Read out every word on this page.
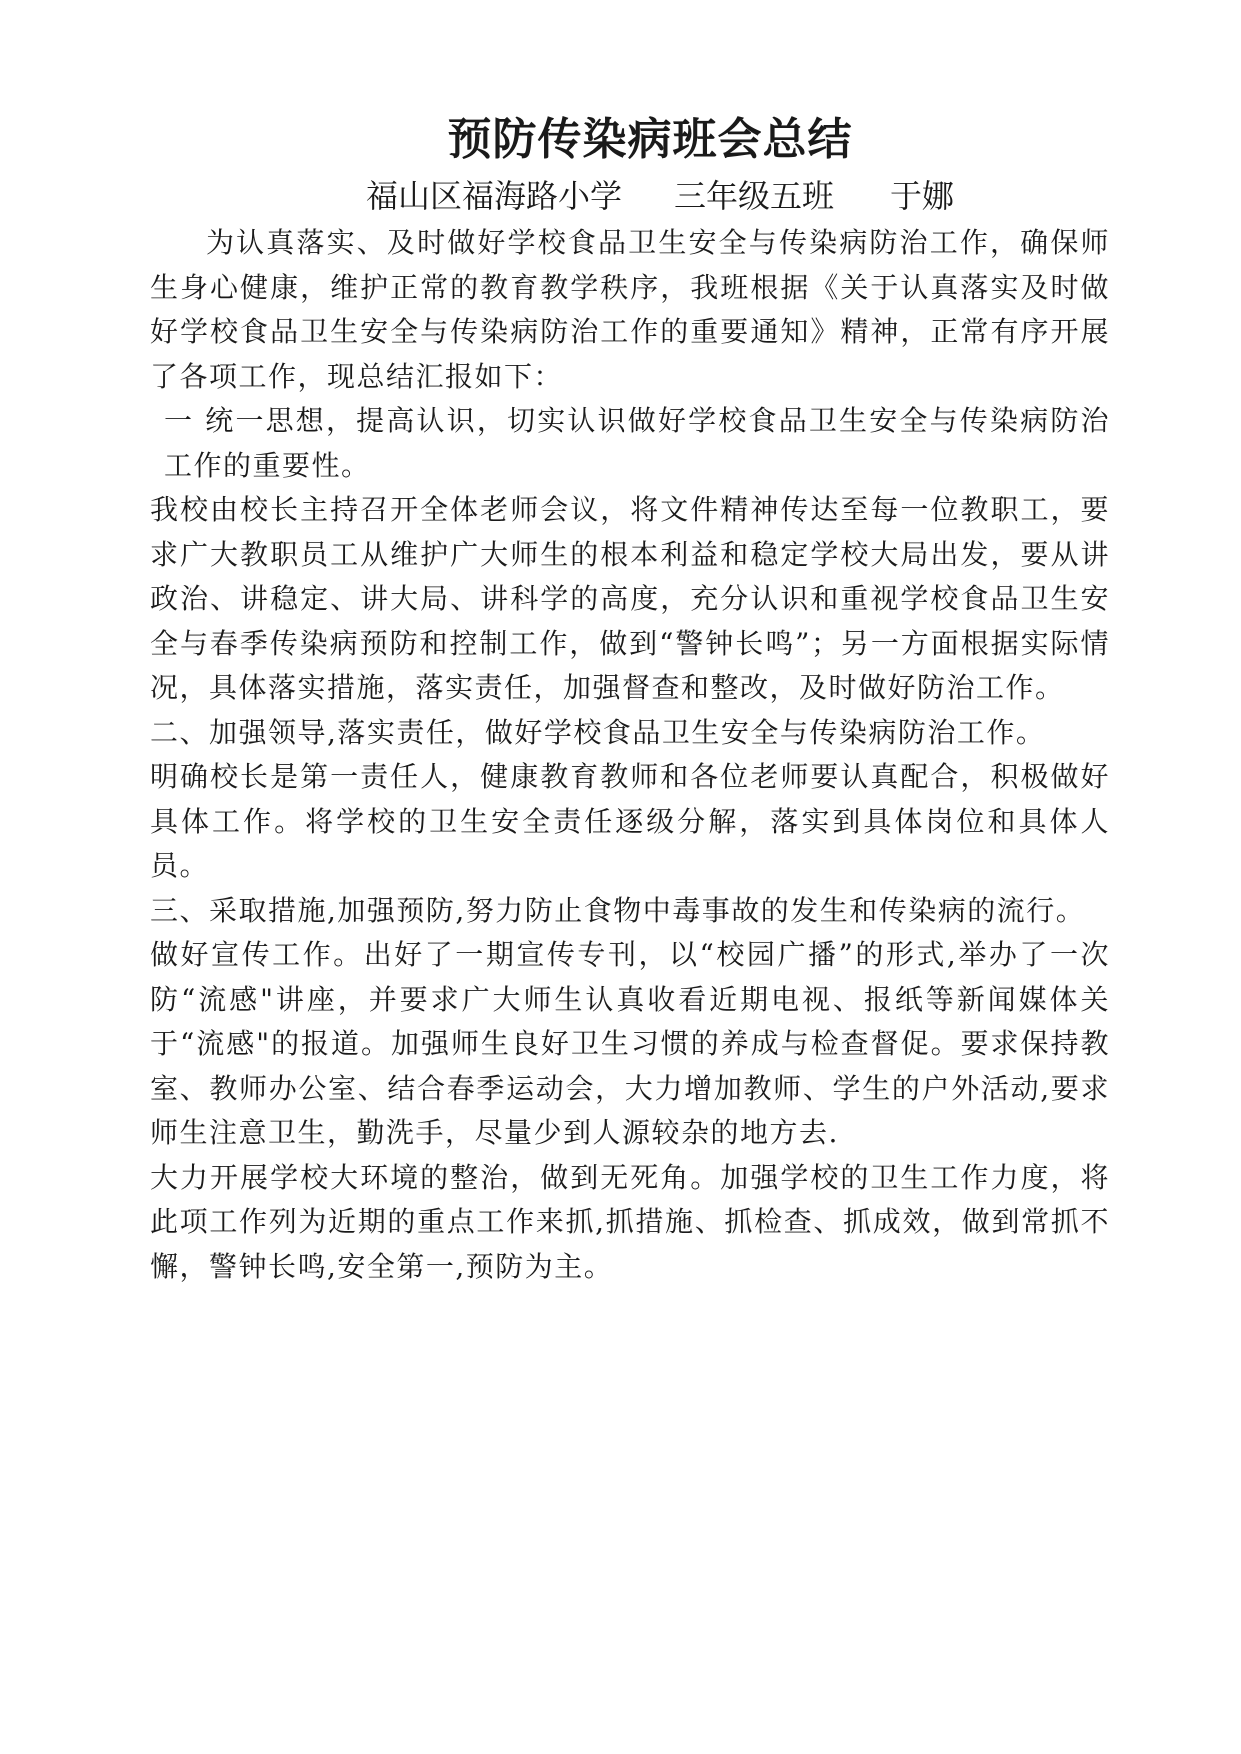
预防传染病班会总结
福山区福海路小学 三年级五班 于娜

为认真落实、及时做好学校食品卫生安全与传染病防治工作，确保师生身心健康，维护正常的教育教学秩序，我班根据《关于认真落实及时做好学校食品卫生安全与传染病防治工作的重要通知》精神，正常有序开展了各项工作，现总结汇报如下：

一 统一思想，提高认识，切实认识做好学校食品卫生安全与传染病防治工作的重要性。

我校由校长主持召开全体老师会议，将文件精神传达至每一位教职工，要求广大教职员工从维护广大师生的根本利益和稳定学校大局出发，要从讲政治、讲稳定、讲大局、讲科学的高度，充分认识和重视学校食品卫生安全与春季传染病预防和控制工作，做到“警钟长鸣”；另一方面根据实际情况，具体落实措施，落实责任，加强督查和整改，及时做好防治工作。

二、加强领导,落实责任，做好学校食品卫生安全与传染病防治工作。

明确校长是第一责任人，健康教育教师和各位老师要认真配合，积极做好具体工作。将学校的卫生安全责任逐级分解，落实到具体岗位和具体人员。

三、采取措施,加强预防,努力防止食物中毒事故的发生和传染病的流行。

做好宣传工作。出好了一期宣传专刊，以“校园广播”的形式,举办了一次防“流感"讲座，并要求广大师生认真收看近期电视、报纸等新闻媒体关于“流感"的报道。加强师生良好卫生习惯的养成与检查督促。要求保持教室、教师办公室、结合春季运动会，大力增加教师、学生的户外活动,要求师生注意卫生，勤洗手，尽量少到人源较杂的地方去.

大力开展学校大环境的整治，做到无死角。加强学校的卫生工作力度，将此项工作列为近期的重点工作来抓,抓措施、抓检查、抓成效，做到常抓不懈，警钟长鸣,安全第一,预防为主。
